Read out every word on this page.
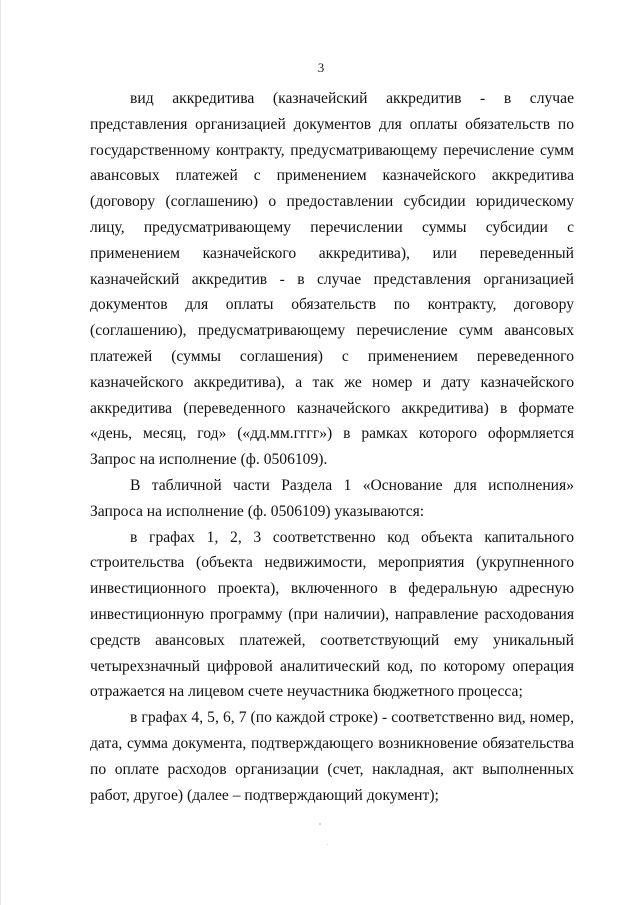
3

вид аккредитива (казначейский аккредитив - в случае представления организацией документов для оплаты обязательств по государственному контракту, предусматривающему перечисление сумм авансовых платежей с применением казначейского аккредитива (договору (соглашению) о предоставлении субсидии юридическому лицу, предусматривающему перечислении суммы субсидии с применением казначейского аккредитива), или переведенный казначейский аккредитив - в случае представления организацией документов для оплаты обязательств по контракту, договору (соглашению), предусматривающему перечисление сумм авансовых платежей (суммы соглашения) с применением переведенного казначейского аккредитива), а так же номер и дату казначейского аккредитива (переведенного казначейского аккредитива) в формате «день, месяц, год» («дд.мм.гггг») в рамках которого оформляется Запрос на исполнение (ф. 0506109).

В табличной части Раздела 1 «Основание для исполнения» Запроса на исполнение (ф. 0506109) указываются:

в графах 1, 2, 3 соответственно код объекта капитального строительства (объекта недвижимости, мероприятия (укрупненного инвестиционного проекта), включенного в федеральную адресную инвестиционную программу (при наличии), направление расходования средств авансовых платежей, соответствующий ему уникальный четырехзначный цифровой аналитический код, по которому операция отражается на лицевом счете неучастника бюджетного процесса;

в графах 4, 5, 6, 7 (по каждой строке) - соответственно вид, номер, дата, сумма документа, подтверждающего возникновение обязательства по оплате расходов организации (счет, накладная, акт выполненных работ, другое) (далее – подтверждающий документ);
